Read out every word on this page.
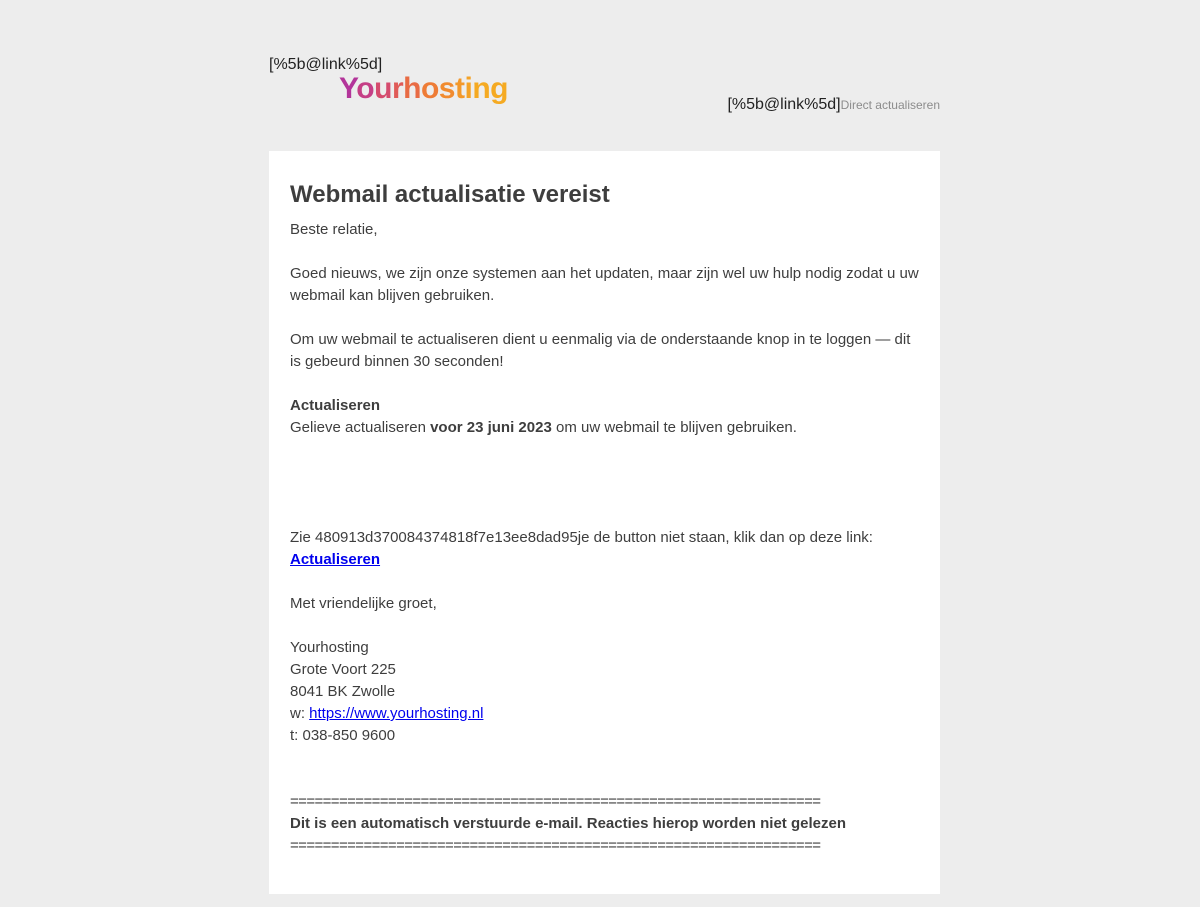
[%5b@link%5d]
Yourhosting	[%5b@link%5d]Direct actualiseren
Webmail actualisatie vereist

Beste relatie,

Goed nieuws, we zijn onze systemen aan het updaten, maar zijn wel uw hulp nodig zodat u uw webmail kan blijven gebruiken.

Om uw webmail te actualiseren dient u eenmalig via de onderstaande knop in te loggen — dit is gebeurd binnen 30 seconden!

Actualiseren

Gelieve actualiseren voor 23 juni 2023 om uw webmail te blijven gebruiken.

Zie 480913d370084374818f7e13ee8dad95je de button niet staan, klik dan op deze link:

Actualiseren

Met vriendelijke groet,

Yourhosting

Grote Voort 225

8041 BK Zwolle

w: https://www.yourhosting.nl

t: 038-850 9600

=================================================================

Dit is een automatisch verstuurde e-mail. Reacties hierop worden niet gelezen

=================================================================
